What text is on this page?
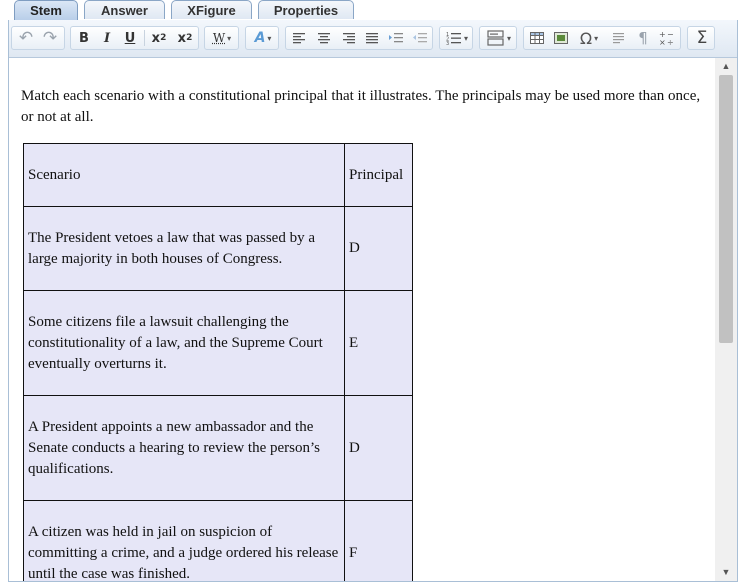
Stem	Answer	XFigure	Properties
↶ ↷	B	I	U	x 2 x 2 W ▾ A ▾	1
2
3
▾	▾	Ω ▾	¶	+ −
× ÷	Σ

Match each scenario with a constitutional principal that it illustrates. The principals may be used more than once, or not at all.

Scenario	Principal
The President vetoes a law that was passed by a large majority in both houses of Congress.	D
Some citizens file a lawsuit challenging the constitutionality of a law, and the Supreme Court eventually overturns it.	E
A President appoints a new ambassador and the Senate conducts a hearing to review the person’s qualifications.	D
A citizen was held in jail on suspicion of committing a crime, and a judge ordered his release until the case was finished.	F
▲
▼
